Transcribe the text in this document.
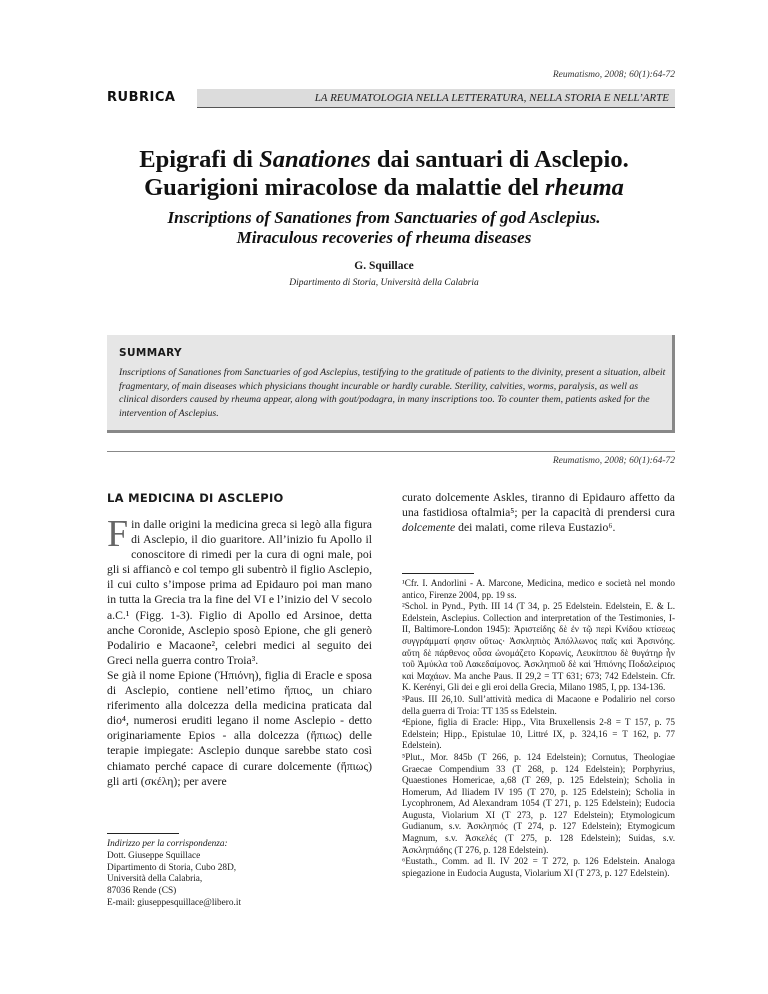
Reumatismo, 2008; 60(1):64-72
RUBRICA	LA REUMATOLOGIA NELLA LETTERATURA, NELLA STORIA E NELL’ARTE
Epigrafi di Sanationes dai santuari di Asclepio.
Guarigioni miracolose da malattie del rheuma
Inscriptions of Sanationes from Sanctuaries of god Asclepius.
Miraculous recoveries of rheuma diseases
G. Squillace
Dipartimento di Storia, Università della Calabria
SUMMARY
Inscriptions of Sanationes from Sanctuaries of god Asclepius, testifying to the gratitude of patients to the divinity, present a situation, albeit fragmentary, of main diseases which physicians thought incurable or hardly curable. Sterility, calvities, worms, paralysis, as well as clinical disorders caused by rheuma appear, along with gout/podagra, in many inscriptions too. To counter them, patients asked for the intervention of Asclepius.
Reumatismo, 2008; 60(1):64-72
LA MEDICINA DI ASCLEPIO
Fin dalle origini la medicina greca si legò alla figura di Asclepio, il dio guaritore. All’inizio fu Apollo il conoscitore di rimedi per la cura di ogni male, poi gli si affiancò e col tempo gli subentrò il figlio Asclepio, il cui culto s’impose prima ad Epidauro poi man mano in tutta la Grecia tra la fine del VI e l’inizio del V secolo a.C.¹ (Figg. 1-3). Figlio di Apollo ed Arsinoe, detta anche Coronide, Asclepio sposò Epione, che gli generò Podalirio e Macaone², celebri medici al seguito dei Greci nella guerra contro Troia³.
Se già il nome Epione (Ἠπιόνη), figlia di Eracle e sposa di Asclepio, contiene nell’etimo ἤπιος, un chiaro riferimento alla dolcezza della medicina praticata dal dio⁴, numerosi eruditi legano il nome Asclepio - detto originariamente Epios - alla dolcezza (ἤπιως) delle terapie impiegate: Asclepio dunque sarebbe stato così chiamato perché capace di curare dolcemente (ἤπιως) gli arti (σκέλη); per avere

Indirizzo per la corrispondenza:

Dott. Giuseppe Squillace

Dipartimento di Storia, Cubo 28D,

Università della Calabria,

87036 Rende (CS)

E-mail: giuseppesquillace@libero.it

curato dolcemente Askles, tiranno di Epidauro affetto da una fastidiosa oftalmia⁵; per la capacità di prendersi cura dolcemente dei malati, come rileva Eustazio⁶.

¹Cfr. I. Andorlini - A. Marcone, Medicina, medico e società nel mondo antico, Firenze 2004, pp. 19 ss.

²Schol. in Pynd., Pyth. III 14 (T 34, p. 25 Edelstein. Edelstein, E. & L. Edelstein, Asclepius. Collection and interpretation of the Testimonies, I-II, Baltimore-London 1945): Ἀριστείδης δὲ ἐν τῷ περὶ Κνίδου κτίσεως συγγράμματί φησιν οὕτως· Ἀσκληπιὸς Ἀπόλλωνος παῖς καὶ Ἀρσινόης. αὕτη δὲ πάρθενος οὖσα ὠνομάζετο Κορωνίς, Λευκίππου δὲ θυγάτηρ ἦν τοῦ Ἀμύκλα τοῦ Λακεδαίμονος. Ἀσκληπιοῦ δὲ καὶ Ἠπιόνης Ποδαλείριος καὶ Μαχάων. Ma anche Paus. II 29,2 = TT 631; 673; 742 Edelstein. Cfr. K. Kerényi, Gli dei e gli eroi della Grecia, Milano 1985, I, pp. 134-136.

³Paus. III 26,10. Sull’attività medica di Macaone e Podalirio nel corso della guerra di Troia: TT 135 ss Edelstein.

⁴Epione, figlia di Eracle: Hipp., Vita Bruxellensis 2-8 = T 157, p. 75 Edelstein; Hipp., Epistulae 10, Littré IX, p. 324,16 = T 162, p. 77 Edelstein).

⁵Plut., Mor. 845b (T 266, p. 124 Edelstein); Cornutus, Theologiae Graecae Compendium 33 (T 268, p. 124 Edelstein); Porphyrius, Quaestiones Homericae, a,68 (T 269, p. 125 Edelstein); Scholia in Homerum, Ad Iliadem IV 195 (T 270, p. 125 Edelstein); Scholia in Lycophronem, Ad Alexandram 1054 (T 271, p. 125 Edelstein); Eudocia Augusta, Violarium XI (T 273, p. 127 Edelstein); Etymologicum Gudianum, s.v. Ἀσκληπιός (T 274, p. 127 Edelstein); Etymogicum Magnum, s.v. Ἀσκελές (T 275, p. 128 Edelstein); Suidas, s.v. Ἀσκληπιάδης (T 276, p. 128 Edelstein).

⁶Eustath., Comm. ad Il. IV 202 = T 272, p. 126 Edelstein. Analoga spiegazione in Eudocia Augusta, Violarium XI (T 273, p. 127 Edelstein).
